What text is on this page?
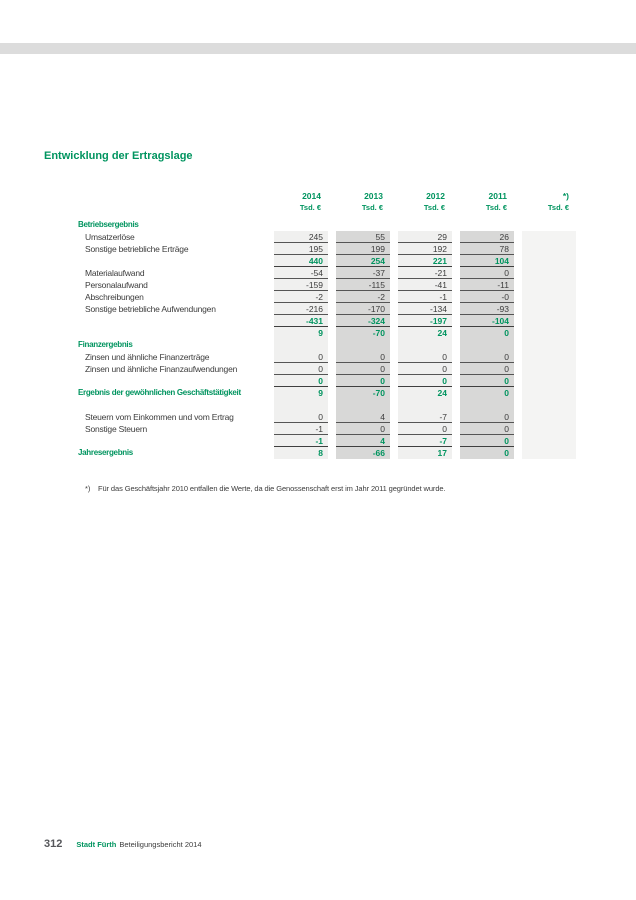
Entwicklung der Ertragslage
2014	2013	2012	2011	*)
Tsd. €	Tsd. €	Tsd. €	Tsd. €	Tsd. €
Betriebsergebnis
Umsatzerlöse	245	55	29	26
Sonstige betriebliche Erträge	195	199	192	78
440	254	221	104
Materialaufwand	-54	-37	-21	0
Personalaufwand	-159	-115	-41	-11
Abschreibungen	-2	-2	-1	-0
Sonstige betriebliche Aufwendungen	-216	-170	-134	-93
-431	-324	-197	-104
9	-70	24	0
Finanzergebnis
Zinsen und ähnliche Finanzerträge	0	0	0	0
Zinsen und ähnliche Finanzaufwendungen	0	0	0	0
0	0	0	0
Ergebnis der gewöhnlichen Geschäftstätigkeit	9	-70	24	0
Steuern vom Einkommen und vom Ertrag	0	4	-7	0
Sonstige Steuern	-1	0	0	0
-1	4	-7	0
Jahresergebnis	8	-66	17	0
*)	Für das Geschäftsjahr 2010 entfallen die Werte, da die Genossenschaft erst im Jahr 2011 gegründet wurde.
312 Stadt Fürth Beteiligungsbericht 2014
